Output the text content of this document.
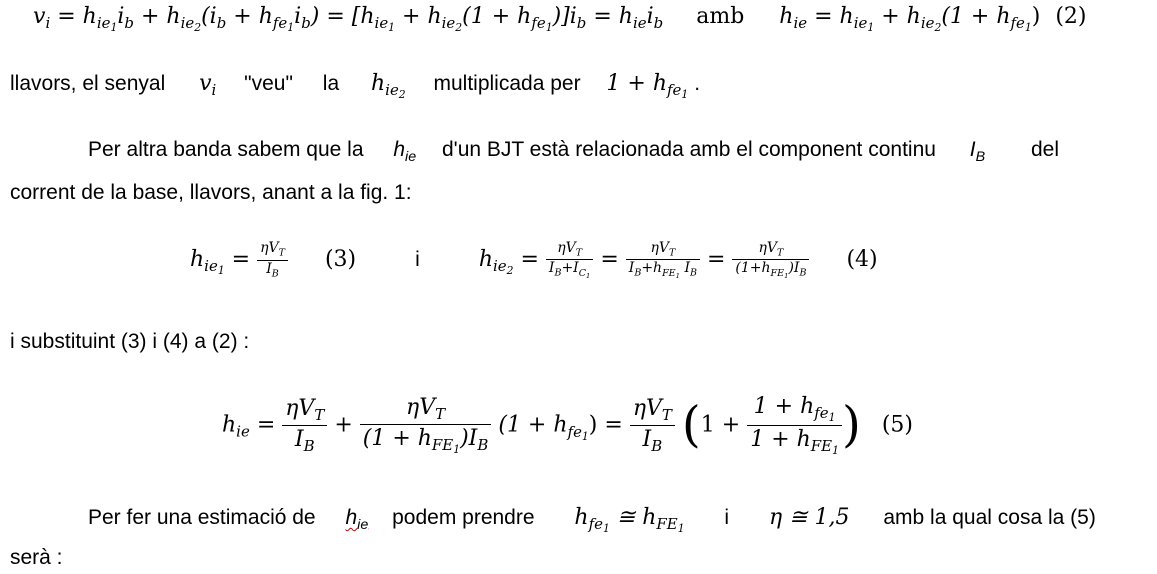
$v_i = h_{ie_1}i_b + h_{ie_2}(i_b + h_{fe_1}i_b) = [h_{ie_1} + h_{ie_2}(1 + h_{fe_1})]i_b = h_{ie}i_b$ amb $h_{ie} = h_{ie_1} + h_{ie_2}(1 + h_{fe_1})$ (2)
llavors, el senyal $v_i$ "veu" la $h_{ie_2}$ multiplicada per $1 + h_{fe_1}$ .
Per altra banda sabem que la $h_{ie}$ d'un BJT està relacionada amb el component continu $I_B$ del
corrent de la base, llavors, anant a la fig. 1:
$h_{ie_1} = \frac{\eta V_T}{I_B} (3)$	i	$h_{ie_2} = \frac{\eta V_T}{I_B+I_{C_1}} = \frac{\eta V_T}{I_B+h_{FE_1} I_B} = \frac{\eta V_T}{(1+h_{FE_1})I_B} (4)$
i substituint (3) i (4) a (2) :
$h_{ie} = \frac{\eta V_T}{I_B} + \frac{\eta V_T}{(1 + h_{FE_1})I_B} (1 + h_{fe_1}) = \frac{\eta V_T}{I_B} (1 + \frac{1 + h_{fe_1}}{1 + h_{FE_1}}$ ) (5)
Per fer una estimació de $h_{ie}$ podem prendre $h_{fe_1}$ ≅ $h_{FE_1}$ i η ≅ 1,5 amb la qual cosa la (5)
serà :
